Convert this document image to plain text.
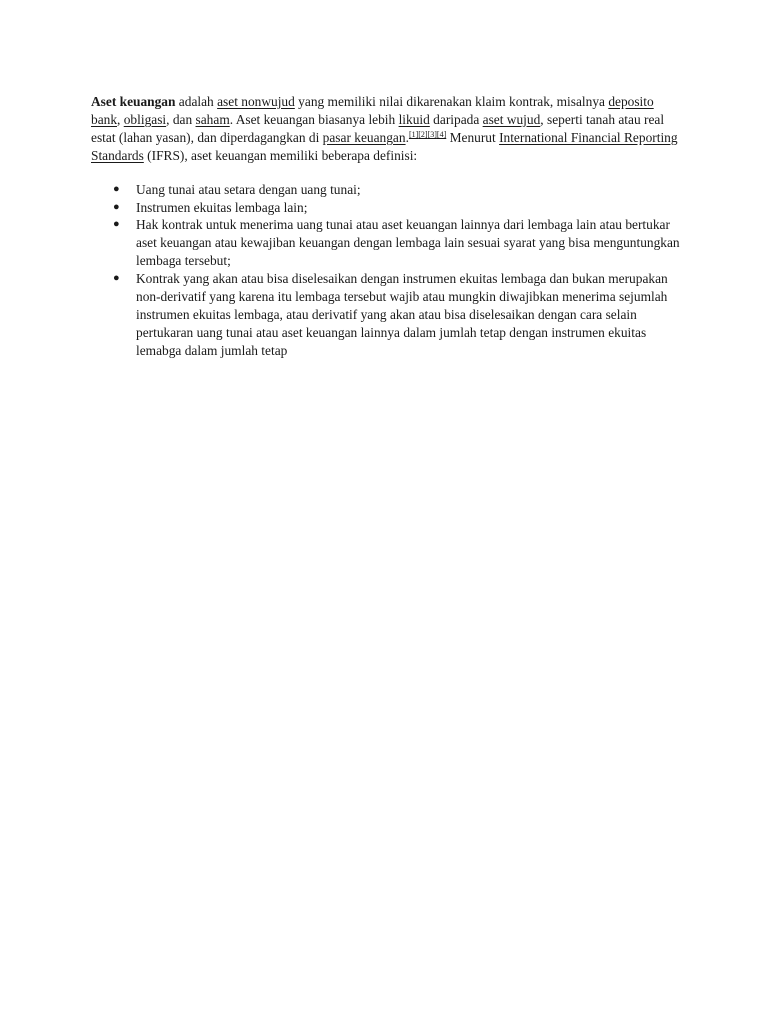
Aset keuangan adalah aset nonwujud yang memiliki nilai dikarenakan klaim kontrak, misalnya deposito bank, obligasi, dan saham. Aset keuangan biasanya lebih likuid daripada aset wujud, seperti tanah atau real estat (lahan yasan), dan diperdagangkan di pasar keuangan.[1][2][3][4] Menurut International Financial Reporting Standards (IFRS), aset keuangan memiliki beberapa definisi:

● Uang tunai atau setara dengan uang tunai;
● Instrumen ekuitas lembaga lain;
● Hak kontrak untuk menerima uang tunai atau aset keuangan lainnya dari lembaga lain atau bertukar aset keuangan atau kewajiban keuangan dengan lembaga lain sesuai syarat yang bisa menguntungkan lembaga tersebut;
● Kontrak yang akan atau bisa diselesaikan dengan instrumen ekuitas lembaga dan bukan merupakan non-derivatif yang karena itu lembaga tersebut wajib atau mungkin diwajibkan menerima sejumlah instrumen ekuitas lembaga, atau derivatif yang akan atau bisa diselesaikan dengan cara selain pertukaran uang tunai atau aset keuangan lainnya dalam jumlah tetap dengan instrumen ekuitas lemabga dalam jumlah tetap
